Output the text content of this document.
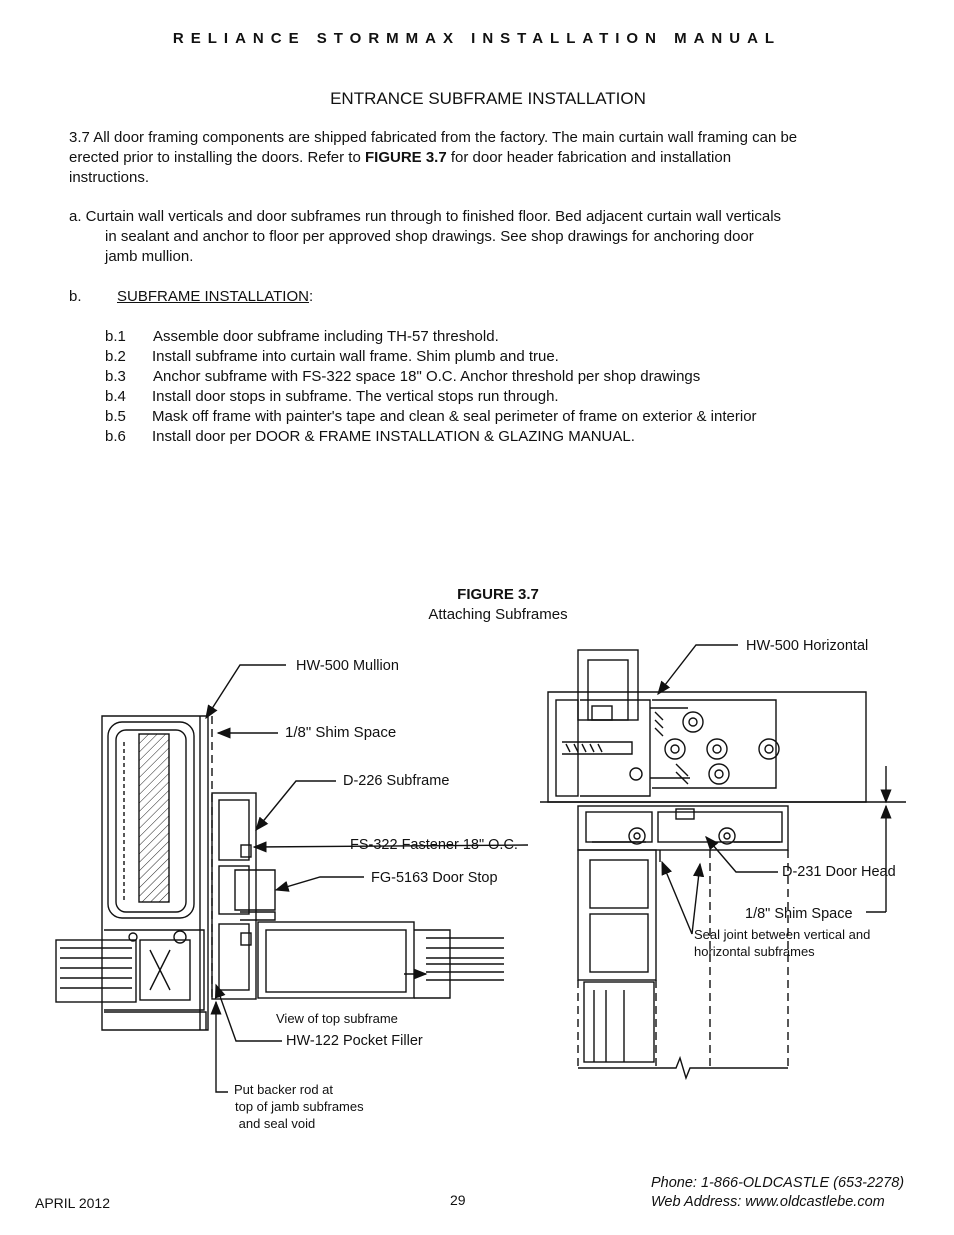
RELIANCE STORMMAX INSTALLATION MANUAL
ENTRANCE SUBFRAME INSTALLATION
3.7 All door framing components are shipped fabricated from the factory. The main curtain wall framing can be
erected prior to installing the doors. Refer to FIGURE 3.7 for door header fabrication and installation
instructions.
a. Curtain wall verticals and door subframes run through to finished floor. Bed adjacent curtain wall verticals
in sealant and anchor to floor per approved shop drawings. See shop drawings for anchoring door
jamb mullion.
b. SUBFRAME INSTALLATION:
b.1 Assemble door subframe including TH-57 threshold.
b.2 Install subframe into curtain wall frame. Shim plumb and true.
b.3 Anchor subframe with FS-322 space 18" O.C. Anchor threshold per shop drawings
b.4 Install door stops in subframe. The vertical stops run through.
b.5 Mask off frame with painter's tape and clean & seal perimeter of frame on exterior & interior
b.6 Install door per DOOR & FRAME INSTALLATION & GLAZING MANUAL.
FIGURE 3.7
Attaching Subframes
HW-500 Mullion
1/8" Shim Space
D-226 Subframe
FS-322 Fastener 18" O.C.
FG-5163 Door Stop
View of top subframe
HW-122 Pocket Filler
Put backer rod at
top of jamb subframes
and seal void
HW-500 Horizontal
D-231 Door Head
1/8" Shim Space
Seal joint between vertical and
horizontal subframes
APRIL 2012	29
Phone: 1-866-OLDCASTLE (653-2278)
Web Address: www.oldcastlebe.com
